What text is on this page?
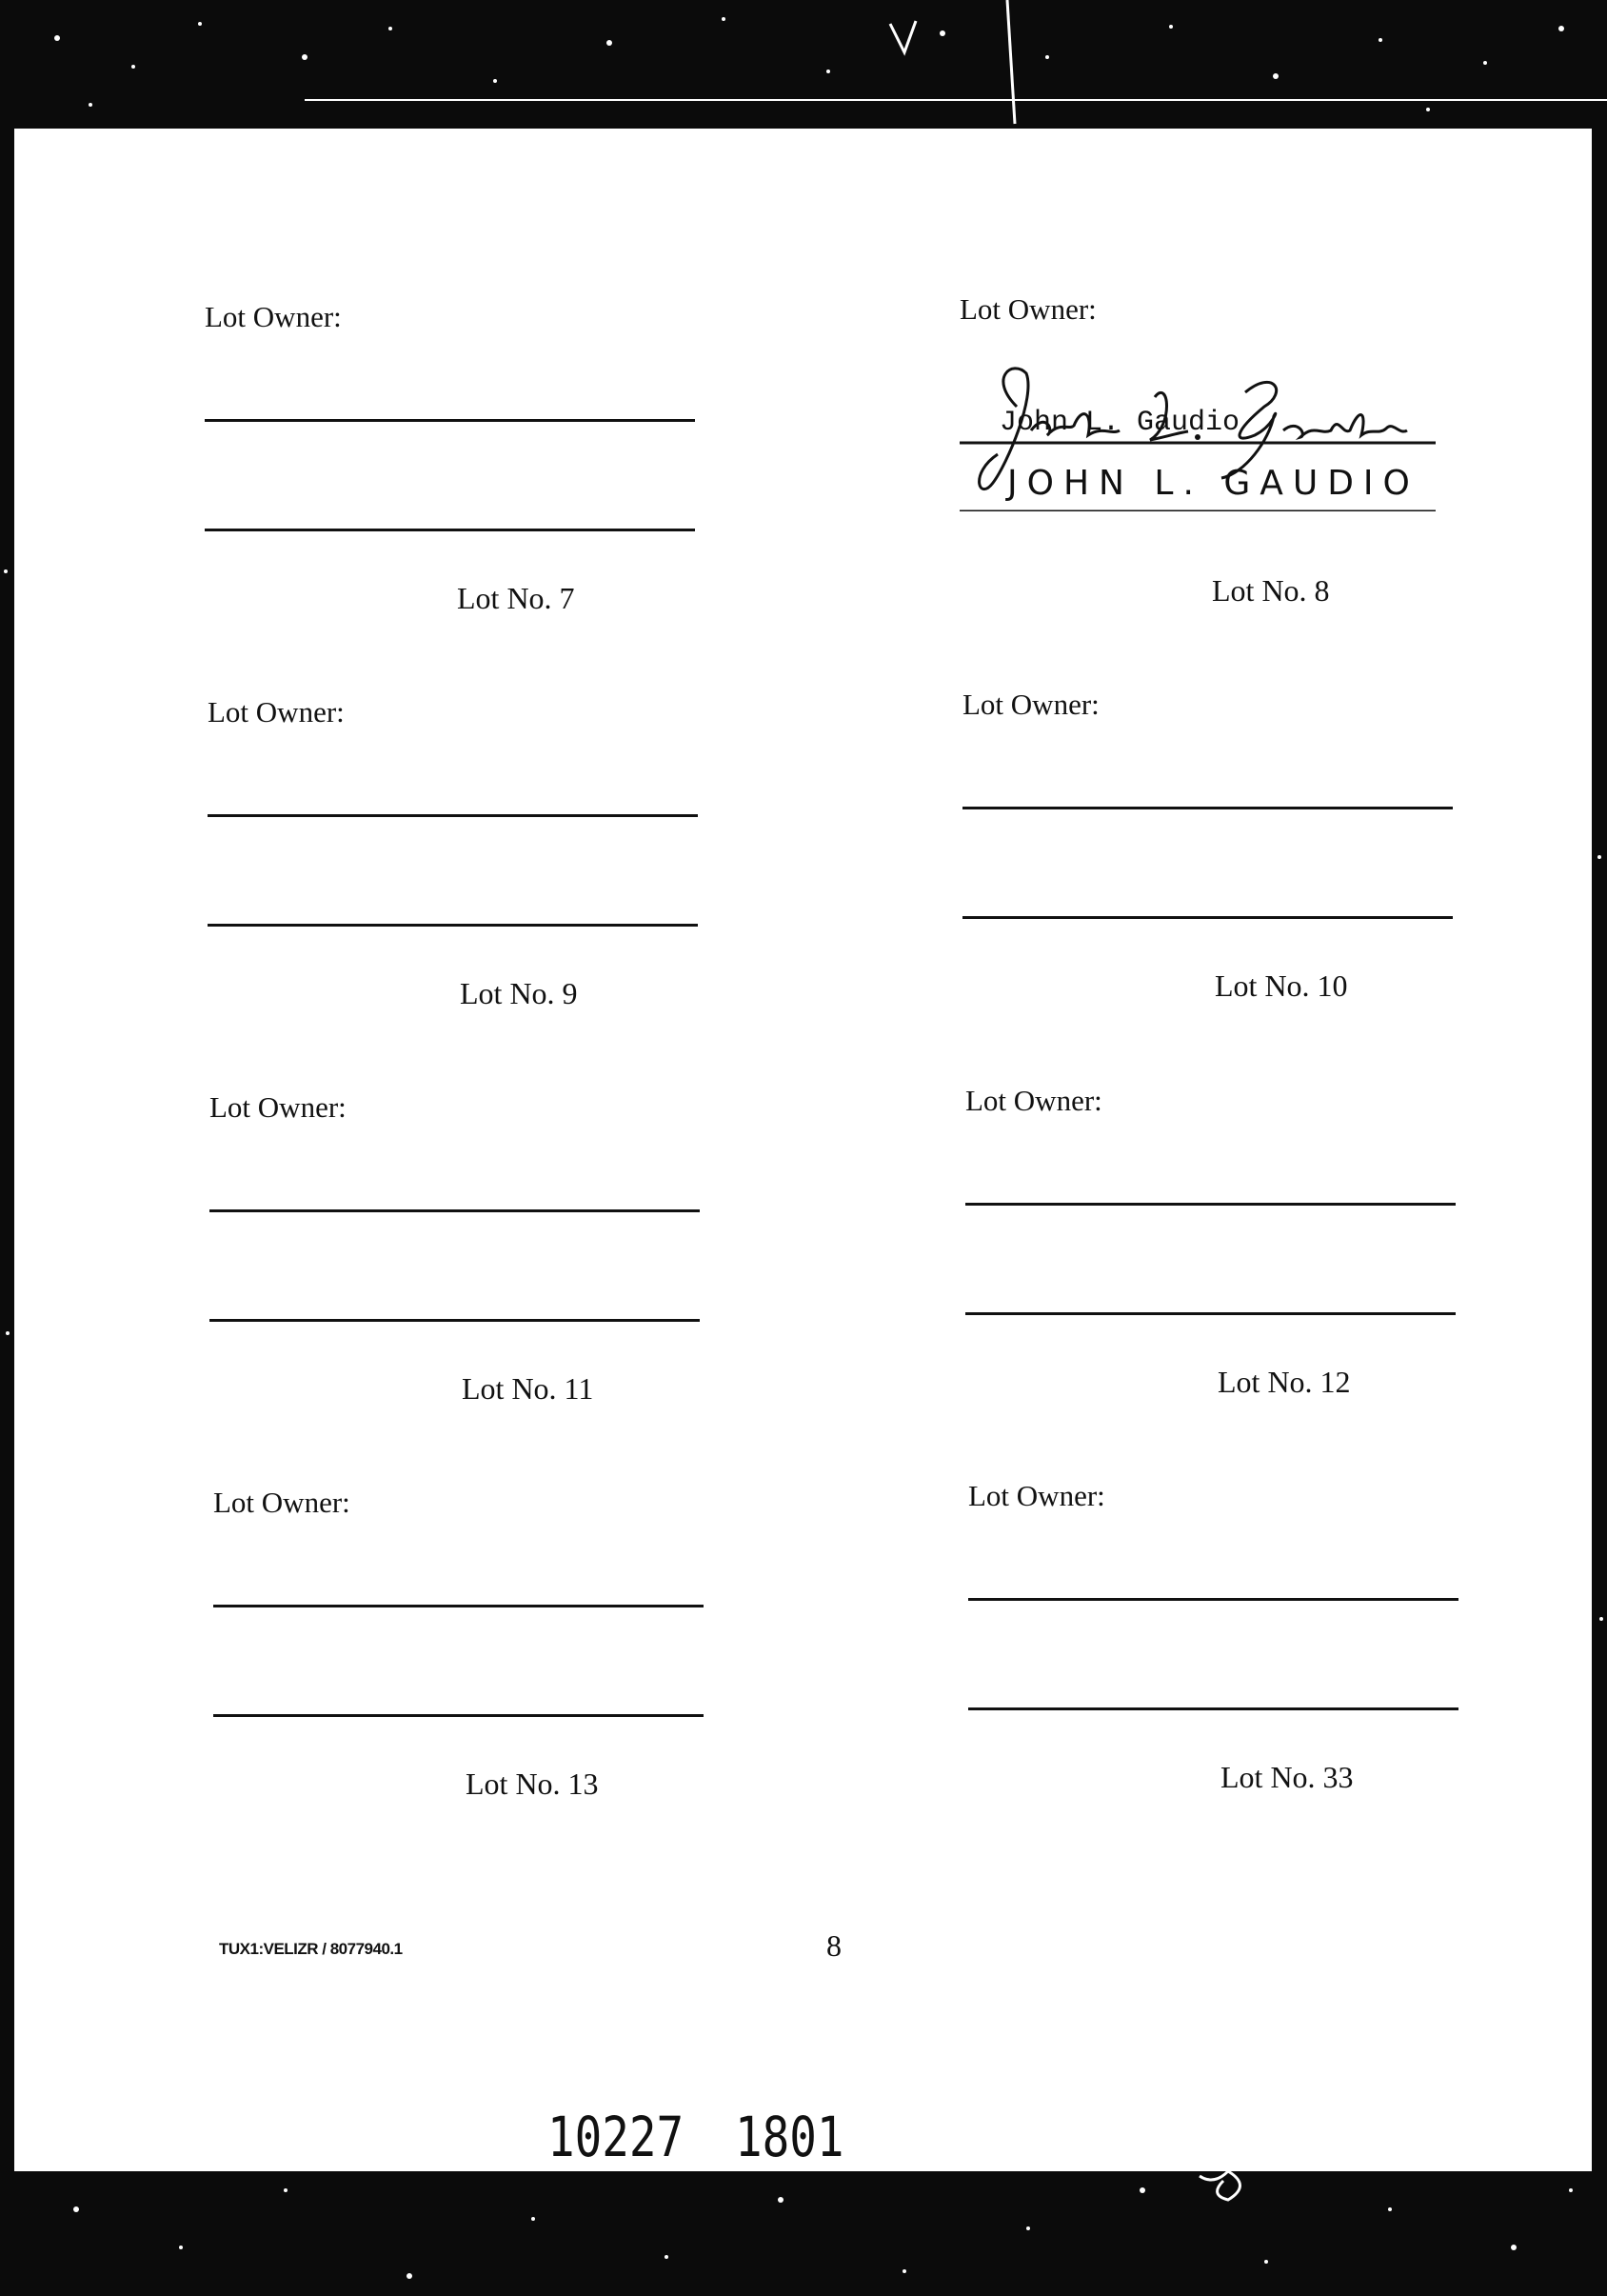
Lot Owner:
Lot No. 7
Lot Owner:
John L. Gaudio
JOHN L. GAUDIO
Lot No. 8
Lot Owner:
Lot No. 9
Lot Owner:
Lot No. 10
Lot Owner:
Lot No. 11
Lot Owner:
Lot No. 12
Lot Owner:
Lot No. 13
Lot Owner:
Lot No. 33
TUX1:VELIZR / 8077940.1	8
10227 1801
